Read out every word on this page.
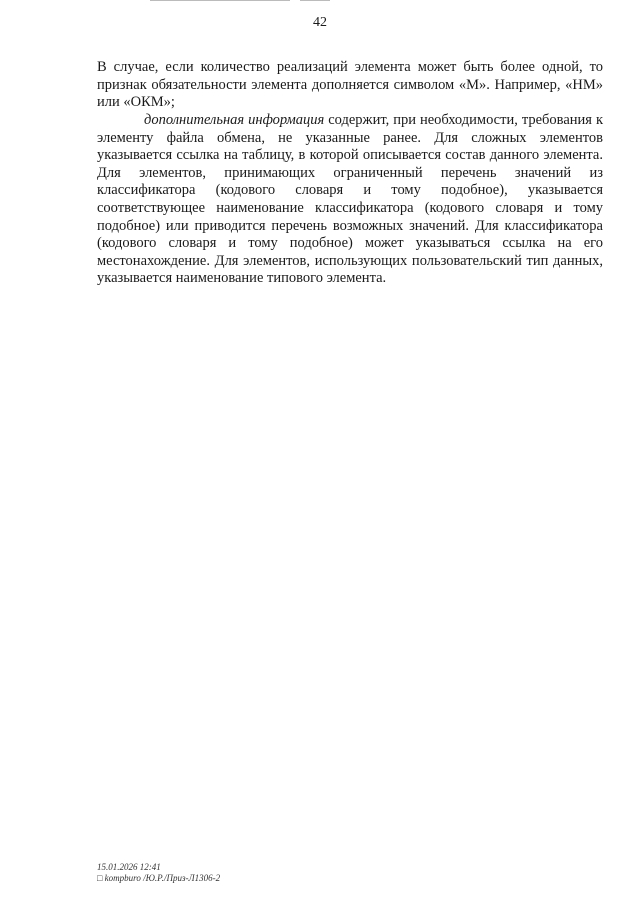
42

В случае, если количество реализаций элемента может быть более одной, то признак обязательности элемента дополняется символом «М». Например, «НМ» или «ОКМ»;

дополнительная информация содержит, при необходимости, требования к элементу файла обмена, не указанные ранее. Для сложных элементов указывается ссылка на таблицу, в которой описывается состав данного элемента. Для элементов, принимающих ограниченный перечень значений из классификатора (кодового словаря и тому подобное), указывается соответствующее наименование классификатора (кодового словаря и тому подобное) или приводится перечень возможных значений. Для классификатора (кодового словаря и тому подобное) может указываться ссылка на его местонахождение. Для элементов, использующих пользовательский тип данных, указывается наименование типового элемента.

15.01.2026 12:41
□ kompburo /Ю.Р./Приз-Л1306-2
